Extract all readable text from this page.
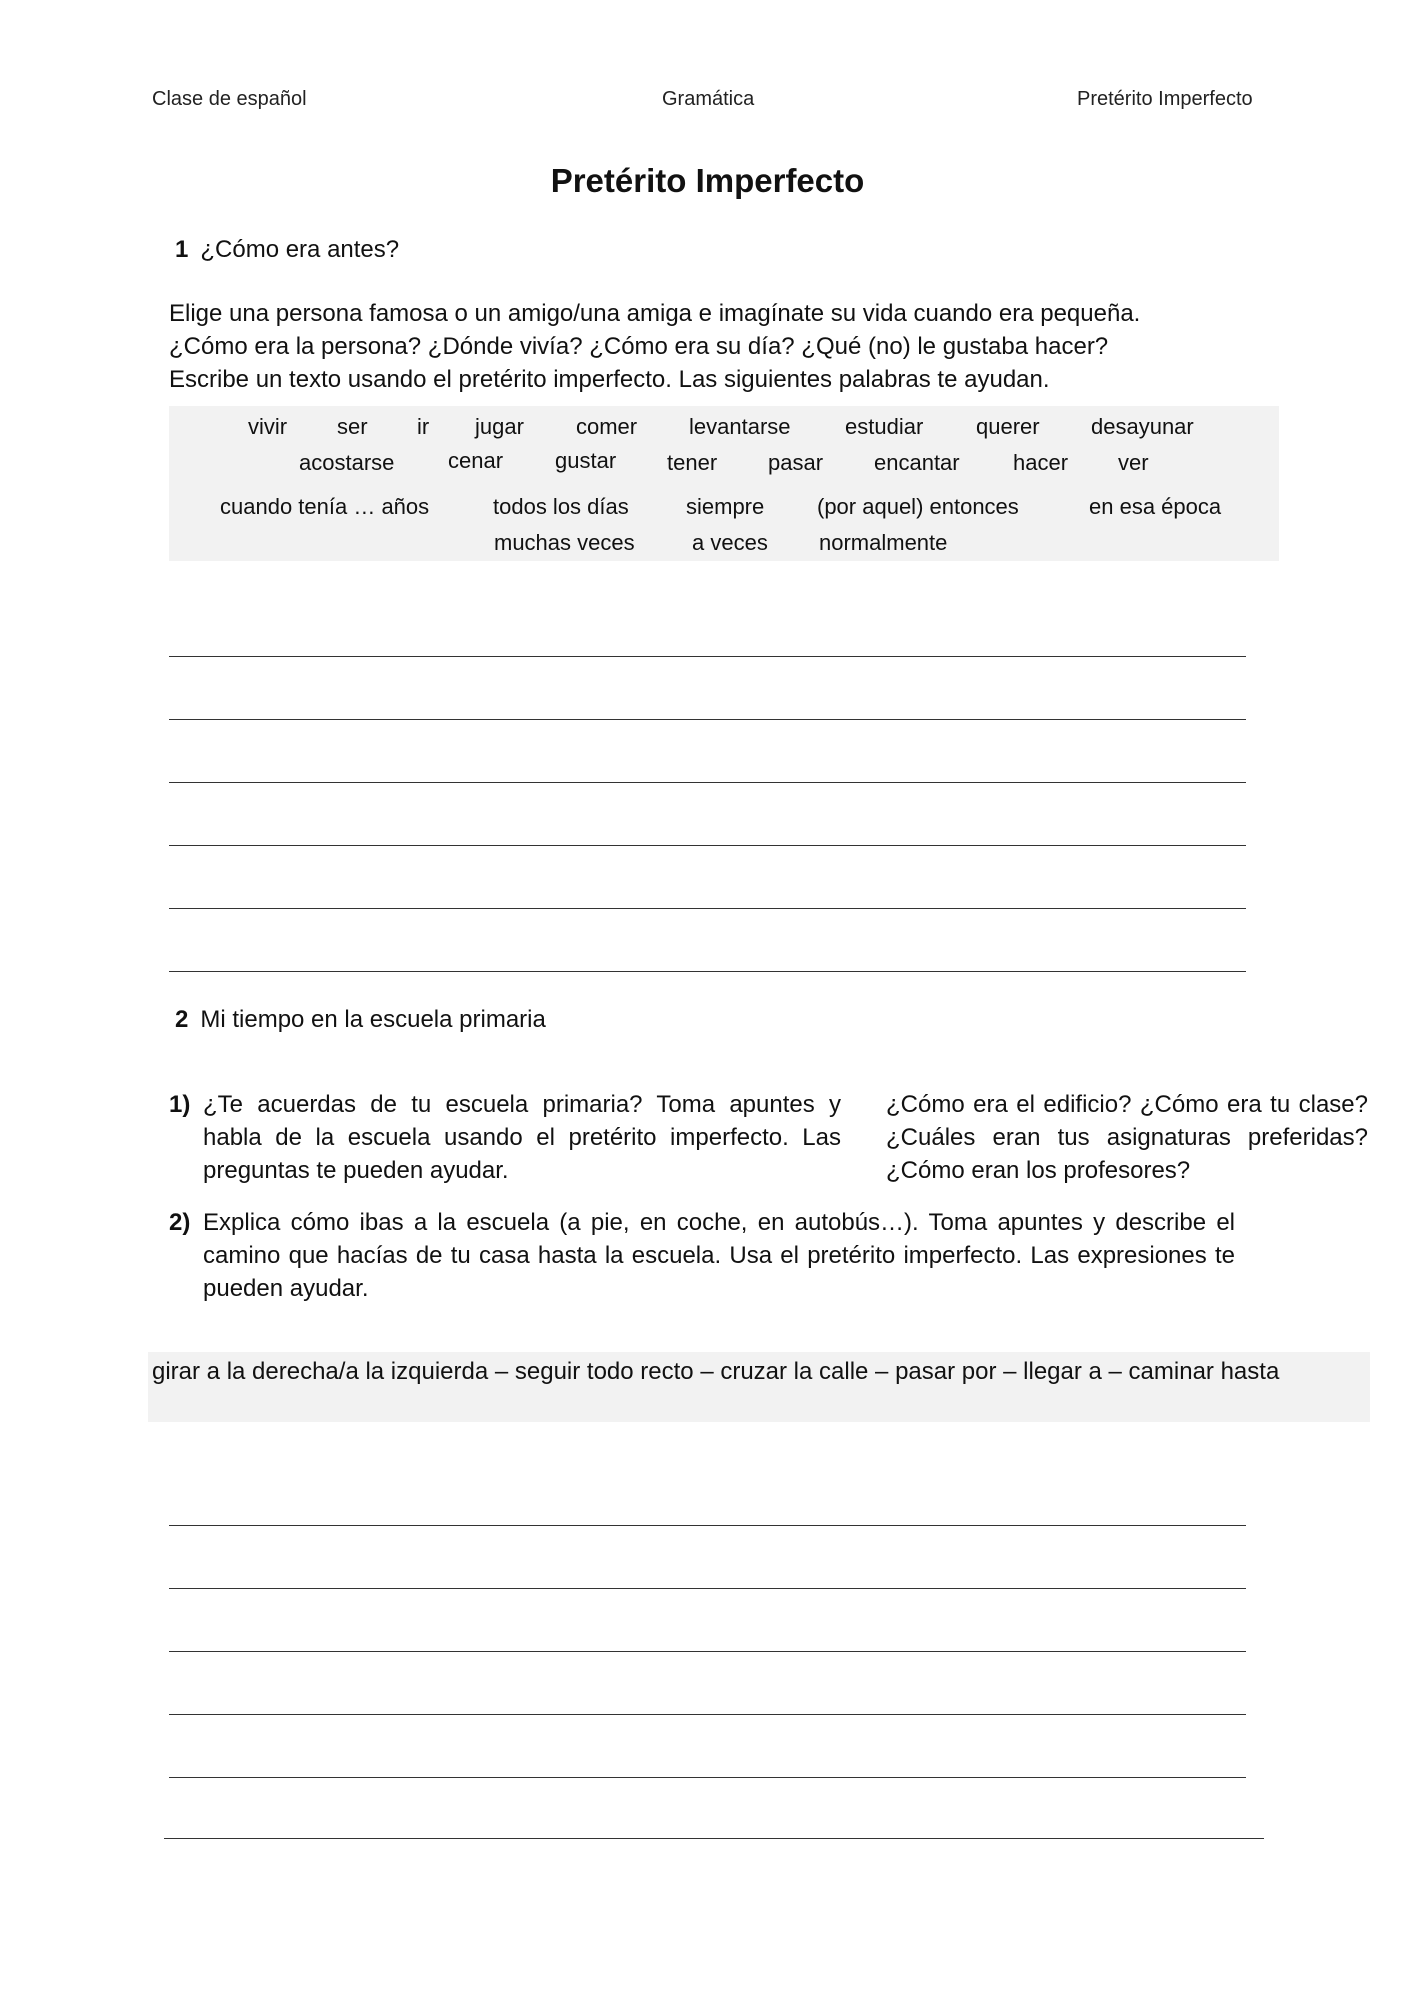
Clase de español	Gramática	Pretérito Imperfecto
Pretérito Imperfecto
1 ¿Cómo era antes?
Elige una persona famosa o un amigo/una amiga e imagínate su vida cuando era pequeña.
¿Cómo era la persona? ¿Dónde vivía? ¿Cómo era su día? ¿Qué (no) le gustaba hacer?
Escribe un texto usando el pretérito imperfecto. Las siguientes palabras te ayudan.
vivir ser ir jugar comer levantarse estudiar querer desayunar
acostarse cenar gustar tener pasar encantar hacer ver
cuando tenía … años	todos los días	siempre (por aquel) entonces	en esa época
muchas veces	a veces normalmente
2 Mi tiempo en la escuela primaria
1) ¿Te acuerdas de tu escuela primaria? Toma apuntes y habla de la escuela usando el pretérito imperfecto. Las preguntas te pueden ayudar.
¿Cómo era el edificio? ¿Cómo era tu clase? ¿Cuáles eran tus asignaturas preferidas? ¿Cómo eran los profesores?
2) Explica cómo ibas a la escuela (a pie, en coche, en autobús…). Toma apuntes y describe el camino que hacías de tu casa hasta la escuela. Usa el pretérito imperfecto. Las expresiones te pueden ayudar.
girar a la derecha/a la izquierda – seguir todo recto – cruzar la calle – pasar por – llegar a – caminar hasta
